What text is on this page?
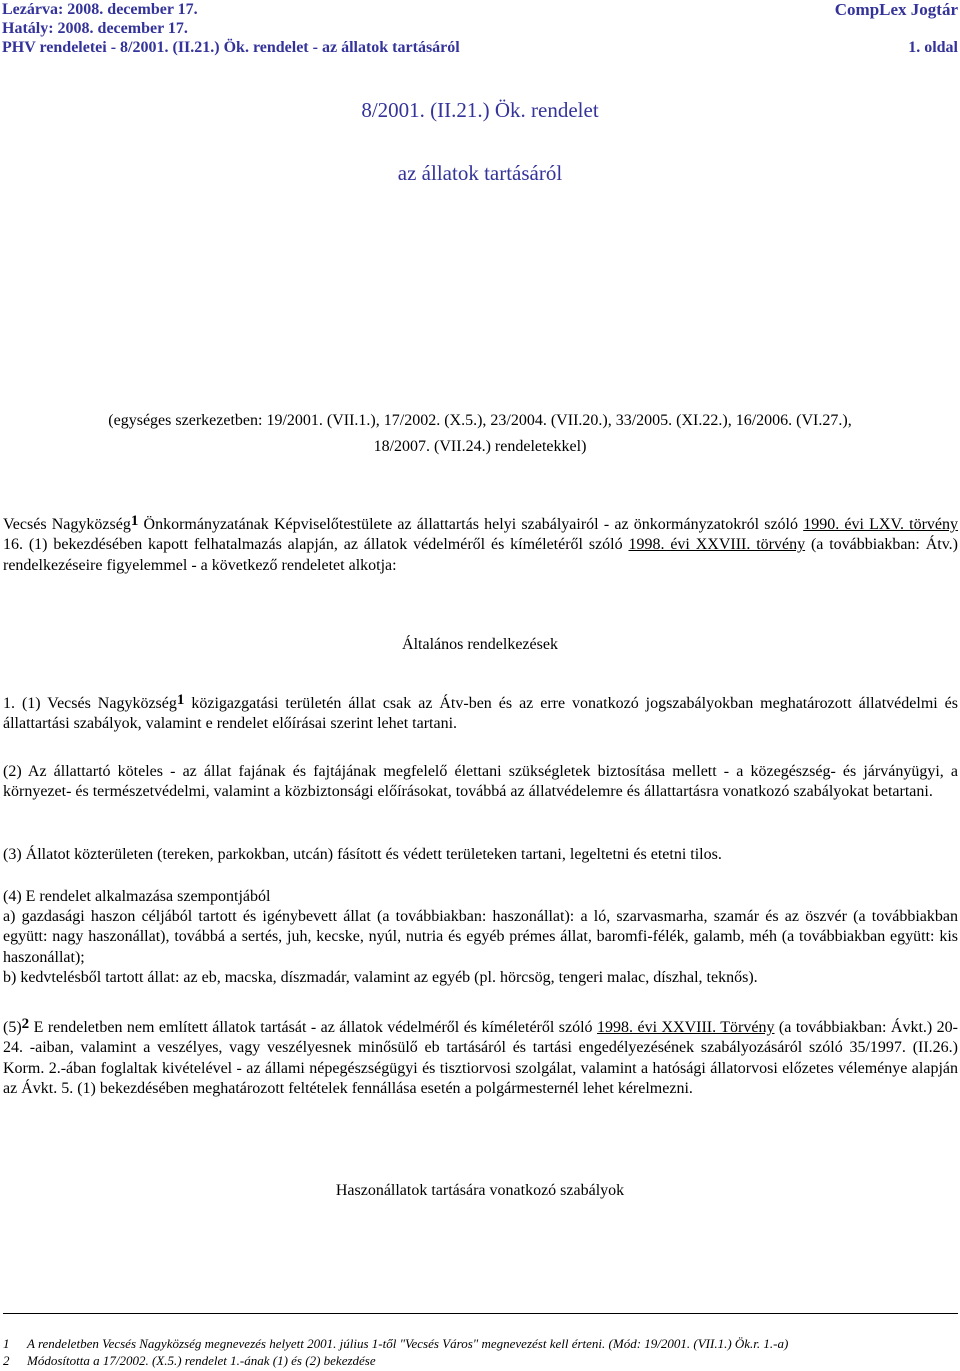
Lezárva: 2008. december 17.	CompLex Jogtár
Hatály: 2008. december 17.
PHV rendeletei - 8/2001. (II.21.) Ök. rendelet - az állatok tartásáról	1. oldal
8/2001. (II.21.) Ök. rendelet
az állatok tartásáról
(egységes szerkezetben: 19/2001. (VII.1.), 17/2002. (X.5.), 23/2004. (VII.20.), 33/2005. (XI.22.), 16/2006. (VI.27.),
18/2007. (VII.24.) rendeletekkel)

Vecsés Nagyközség$^1$ Önkormányzatának Képviselőtestülete az állattartás helyi szabályairól - az önkormányzatokról szóló 1990. évi LXV. törvény 16. (1) bekezdésében kapott felhatalmazás alapján, az állatok védelméről és kíméletéről szóló 1998. évi XXVIII. törvény (a továbbiakban: Átv.) rendelkezéseire figyelemmel - a következő rendeletet alkotja:

Általános rendelkezések

1. (1) Vecsés Nagyközség$^1$ közigazgatási területén állat csak az Átv-ben és az erre vonatkozó jogszabályokban meghatározott állatvédelmi és állattartási szabályok, valamint e rendelet előírásai szerint lehet tartani.

(2) Az állattartó köteles - az állat fajának és fajtájának megfelelő élettani szükségletek biztosítása mellett - a közegészség- és járványügyi, a környezet- és természetvédelmi, valamint a közbiztonsági előírásokat, továbbá az állatvédelemre és állattartásra vonatkozó szabályokat betartani.

(3) Állatot közterületen (tereken, parkokban, utcán) fásított és védett területeken tartani, legeltetni és etetni tilos.

(4) E rendelet alkalmazása szempontjából

a) gazdasági haszon céljából tartott és igénybevett állat (a továbbiakban: haszonállat): a ló, szarvasmarha, szamár és az öszvér (a továbbiakban együtt: nagy haszonállat), továbbá a sertés, juh, kecske, nyúl, nutria és egyéb prémes állat, baromfi-félék, galamb, méh (a továbbiakban együtt: kis haszonállat);

b) kedvtelésből tartott állat: az eb, macska, díszmadár, valamint az egyéb (pl. hörcsög, tengeri malac, díszhal, teknős).

(5)$^2$ E rendeletben nem említett állatok tartását - az állatok védelméről és kíméletéről szóló 1998. évi XXVIII. Törvény (a továbbiakban: Ávkt.) 20-24. -aiban, valamint a veszélyes, vagy veszélyesnek minősülő eb tartásáról és tartási engedélyezésének szabályozásáról szóló 35/1997. (II.26.) Korm. 2.-ában foglaltak kivételével - az állami népegészségügyi és tisztiorvosi szolgálat, valamint a hatósági állatorvosi előzetes véleménye alapján az Ávkt. 5. (1) bekezdésében meghatározott feltételek fennállása esetén a polgármesternél lehet kérelmezni.

Haszonállatok tartására vonatkozó szabályok
1 A rendeletben Vecsés Nagyközség megnevezés helyett 2001. július 1-től "Vecsés Város" megnevezést kell érteni. (Mód: 19/2001. (VII.1.) Ök.r. 1.-a)
2 Módosította a 17/2002. (X.5.) rendelet 1.-ának (1) és (2) bekezdése
